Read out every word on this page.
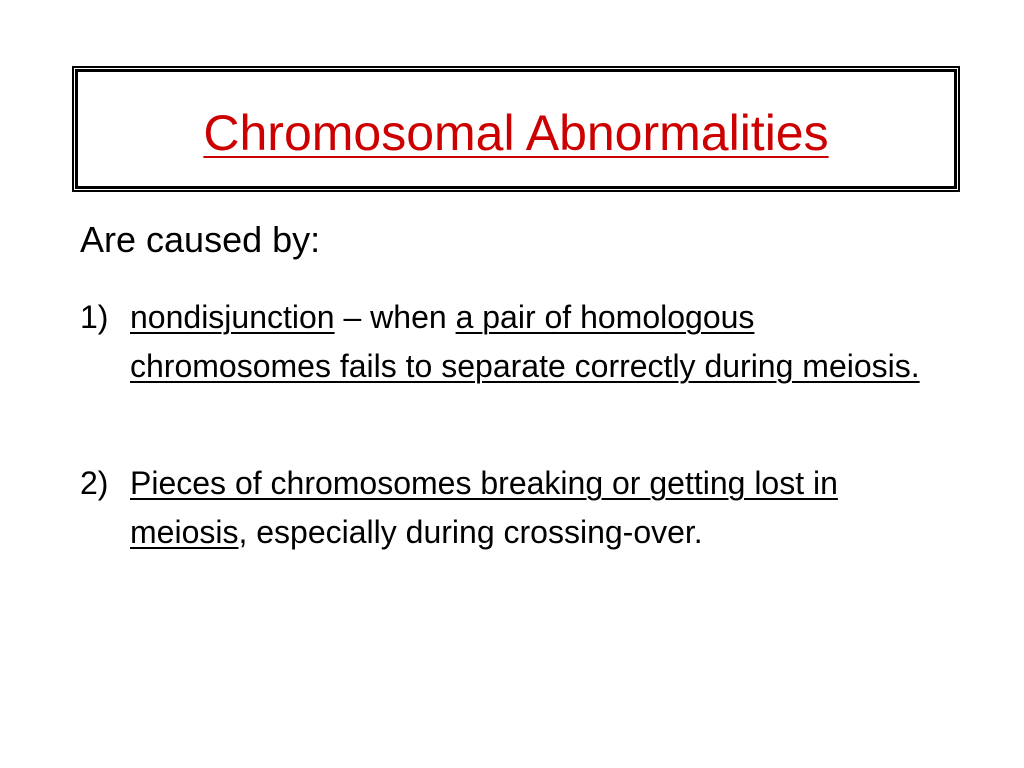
Chromosomal Abnormalities
Are caused by:
1) nondisjunction – when a pair of homologous chromosomes fails to separate correctly during meiosis.
2) Pieces of chromosomes breaking or getting lost in meiosis, especially during crossing-over.
